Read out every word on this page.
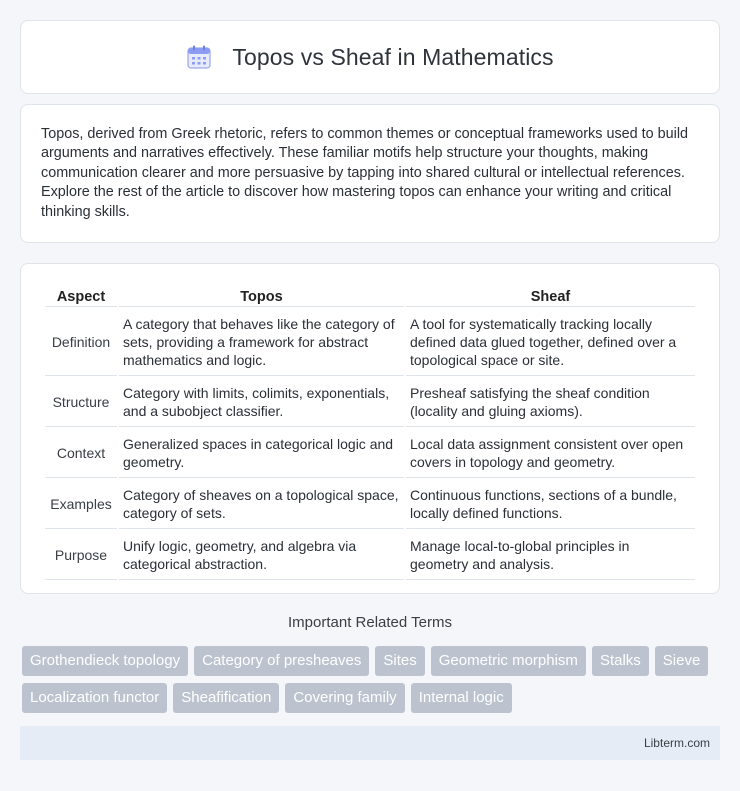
Topos vs Sheaf in Mathematics

Topos, derived from Greek rhetoric, refers to common themes or conceptual frameworks used to build arguments and narratives effectively. These familiar motifs help structure your thoughts, making communication clearer and more persuasive by tapping into shared cultural or intellectual references. Explore the rest of the article to discover how mastering topos can enhance your writing and critical thinking skills.

Aspect	Topos	Sheaf
Definition	A category that behaves like the category of sets, providing a framework for abstract mathematics and logic.	A tool for systematically tracking locally defined data glued together, defined over a topological space or site.
Structure	Category with limits, colimits, exponentials, and a subobject classifier.	Presheaf satisfying the sheaf condition (locality and gluing axioms).
Context	Generalized spaces in categorical logic and geometry.	Local data assignment consistent over open covers in topology and geometry.
Examples	Category of sheaves on a topological space, category of sets.	Continuous functions, sections of a bundle, locally defined functions.
Purpose	Unify logic, geometry, and algebra via categorical abstraction.	Manage local-to-global principles in geometry and analysis.
Important Related Terms
Grothendieck topology	Category of presheaves	Sites	Geometric morphism	Stalks	Sieve
Localization functor	Sheafification	Covering family	Internal logic
Libterm.com
